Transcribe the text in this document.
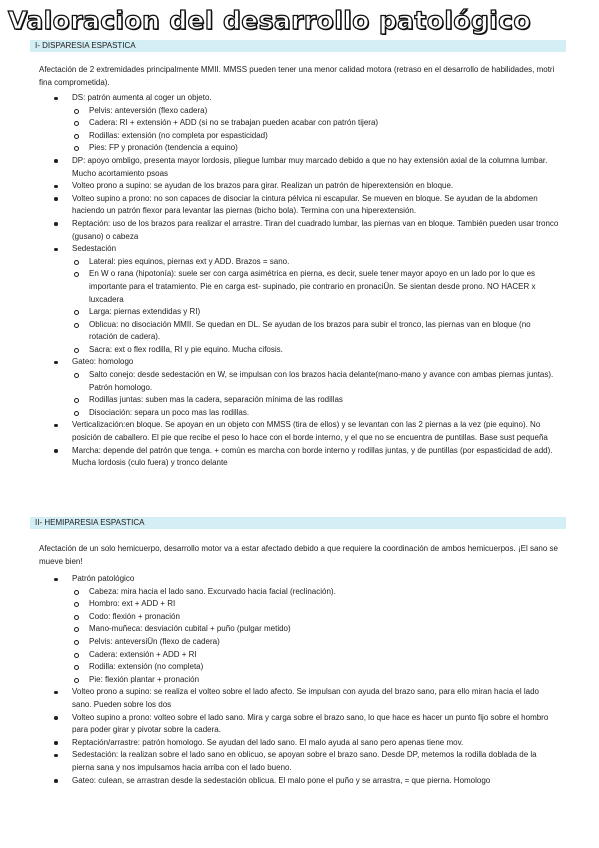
Valoracion del desarrollo patológico
I- DISPARESIA ESPASTICA

Afectación de 2 extremidades principalmente MMII. MMSS pueden tener una menor calidad motora (retraso en el desarrollo de habilidades, motri fina comprometida).

DS: patrón aumenta al coger un objeto.
Pelvis: anteversión (flexo cadera)
Cadera: RI + extensión + ADD (si no se trabajan pueden acabar con patrón tijera)
Rodillas: extensión (no completa por espasticidad)
Pies: FP y pronación (tendencia a equino)
DP: apoyo ombligo, presenta mayor lordosis, pliegue lumbar muy marcado debido a que no hay extensión axial de la columna lumbar. Mucho acortamiento psoas
Volteo prono a supino: se ayudan de los brazos para girar. Realizan un patrón de hiperextensión en bloque.
Volteo supino a prono: no son capaces de disociar la cintura pélvica ni escapular. Se mueven en bloque. Se ayudan de la abdomen haciendo un patrón flexor para levantar las piernas (bicho bola). Termina con una hiperextensión.
Reptación: uso de los brazos para realizar el arrastre. Tiran del cuadrado lumbar, las piernas van en bloque. También pueden usar tronco (gusano) o cabeza
Sedestación
Lateral: pies equinos, piernas ext y ADD. Brazos = sano.
En W o rana (hipotonía): suele ser con carga asimétrica en pierna, es decir, suele tener mayor apoyo en un lado por lo que es importante para el tratamiento. Pie en carga est- supinado, pie contrario en pronaciÜn. Se sientan desde prono. NO HACER x luxcadera
Larga: piernas extendidas y RI)
Oblicua: no disociación MMII. Se quedan en DL. Se ayudan de los brazos para subir el tronco, las piernas van en bloque (no rotación de cadera).
Sacra: ext o flex rodilla, RI y pie equino. Mucha cifosis.
Gateo: homologo
Salto conejo: desde sedestación en W, se impulsan con los brazos hacia delante(mano-mano y avance con ambas piernas juntas). Patrón homologo.
Rodillas juntas: suben mas la cadera, separación mínima de las rodillas
Disociación: separa un poco mas las rodillas.
Verticalización:en bloque. Se apoyan en un objeto con MMSS (tira de ellos) y se levantan con las 2 piernas a la vez (pie equino). No posición de caballero. El pie que recibe el peso lo hace con el borde interno, y el que no se encuentra de puntillas. Base sust pequeña
Marcha: depende del patrón que tenga. + común es marcha con borde interno y rodillas juntas, y de puntillas (por espasticidad de add). Mucha lordosis (culo fuera) y tronco delante
II- HEMIPARESIA ESPASTICA

Afectación de un solo hemicuerpo, desarrollo motor va a estar afectado debido a que requiere la coordinación de ambos hemicuerpos. ¡El sano se mueve bien!

Patrón patológico
Cabeza: mira hacia el lado sano. Excurvado hacia facial (reclinación).
Hombro: ext + ADD + RI
Codo: flexión + pronación
Mano-muñeca: desviación cubital + puño (pulgar metido)
Pelvis: anteversiÜn (flexo de cadera)
Cadera: extensión + ADD + RI
Rodilla: extensión (no completa)
Pie: flexión plantar + pronación
Volteo prono a supino: se realiza el volteo sobre el lado afecto. Se impulsan con ayuda del brazo sano, para ello miran hacia el lado sano. Pueden sobre los dos
Volteo supino a prono: volteo sobre el lado sano. Mira y carga sobre el brazo sano, lo que hace es hacer un punto fijo sobre el hombro para poder girar y pivotar sobre la cadera.
Reptación/arrastre: patrón homologo. Se ayudan del lado sano. El malo ayuda al sano pero apenas tiene mov.
Sedestación: la realizan sobre el lado sano en oblicuo, se apoyan sobre el brazo sano. Desde DP, metemos la rodilla doblada de la pierna sana y nos impulsamos hacia arriba con el lado bueno.
Gateo: culean, se arrastran desde la sedestación oblicua. El malo pone el puño y se arrastra, = que pierna. Homologo
